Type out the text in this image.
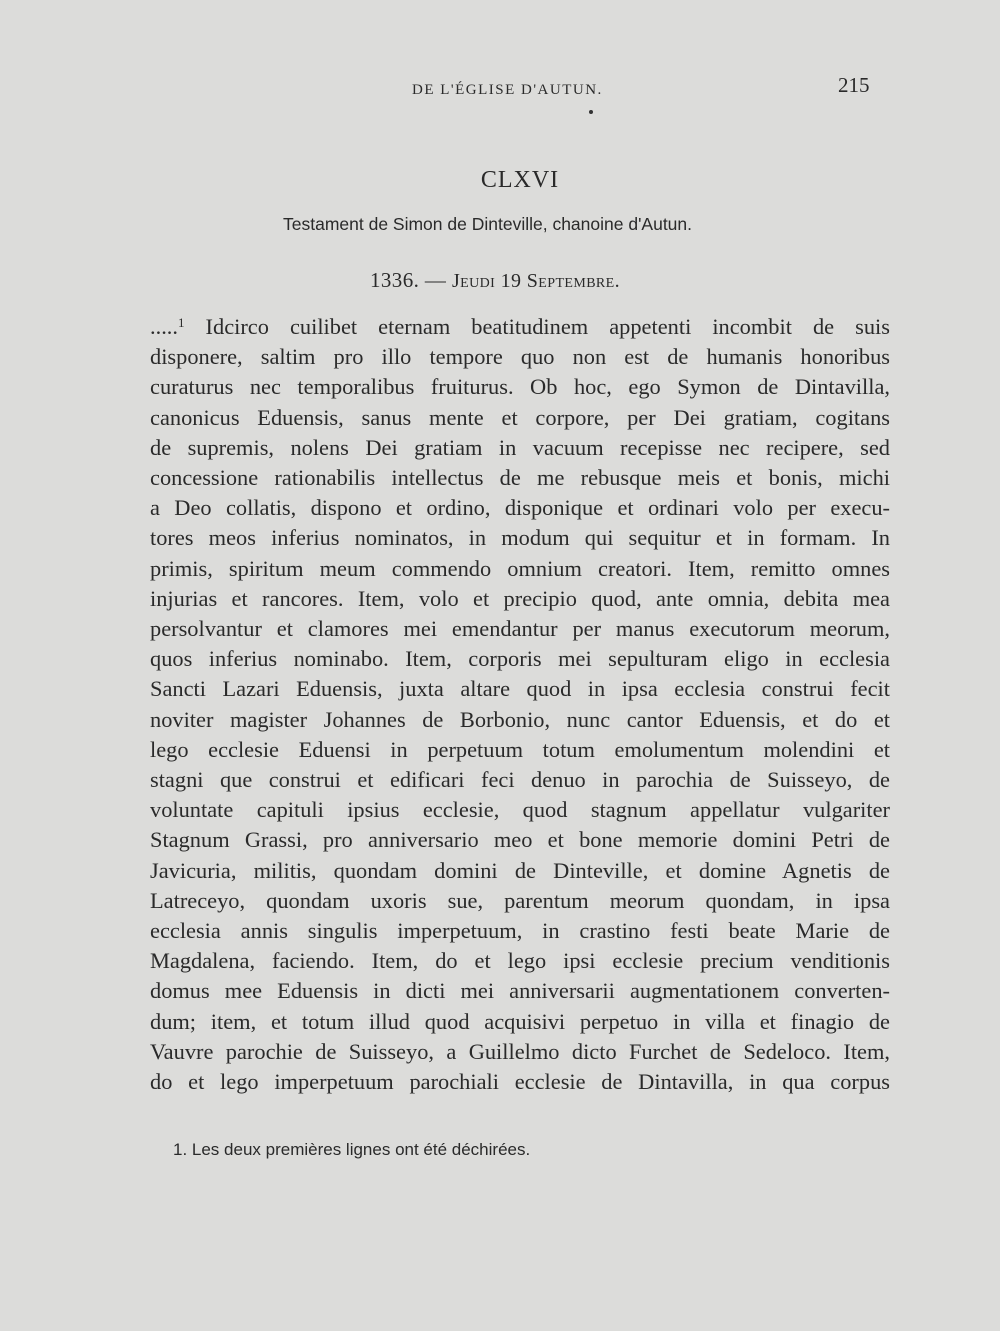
DE L'ÉGLISE D'AUTUN.	215
CLXVI
Testament de Simon de Dinteville, chanoine d'Autun.
1336. — Jeudi 19 Septembre.
.....$^1$ Idcirco cuilibet eternam beatitudinem appetenti incombit de suis
disponere, saltim pro illo tempore quo non est de humanis honoribus
curaturus nec temporalibus fruiturus. Ob hoc, ego Symon de Dintavilla,
canonicus Eduensis, sanus mente et corpore, per Dei gratiam, cogitans
de supremis, nolens Dei gratiam in vacuum recepisse nec recipere, sed
concessione rationabilis intellectus de me rebusque meis et bonis, michi
a Deo collatis, dispono et ordino, disponique et ordinari volo per execu-
tores meos inferius nominatos, in modum qui sequitur et in formam. In
primis, spiritum meum commendo omnium creatori. Item, remitto omnes
injurias et rancores. Item, volo et precipio quod, ante omnia, debita mea
persolvantur et clamores mei emendantur per manus executorum meorum,
quos inferius nominabo. Item, corporis mei sepulturam eligo in ecclesia
Sancti Lazari Eduensis, juxta altare quod in ipsa ecclesia construi fecit
noviter magister Johannes de Borbonio, nunc cantor Eduensis, et do et
lego ecclesie Eduensi in perpetuum totum emolumentum molendini et
stagni que construi et edificari feci denuo in parochia de Suisseyo, de
voluntate capituli ipsius ecclesie, quod stagnum appellatur vulgariter
Stagnum Grassi, pro anniversario meo et bone memorie domini Petri de
Javicuria, militis, quondam domini de Dinteville, et domine Agnetis de
Latreceyo, quondam uxoris sue, parentum meorum quondam, in ipsa
ecclesia annis singulis imperpetuum, in crastino festi beate Marie de
Magdalena, faciendo. Item, do et lego ipsi ecclesie precium venditionis
domus mee Eduensis in dicti mei anniversarii augmentationem converten-
dum; item, et totum illud quod acquisivi perpetuo in villa et finagio de
Vauvre parochie de Suisseyo, a Guillelmo dicto Furchet de Sedeloco. Item,
do et lego imperpetuum parochiali ecclesie de Dintavilla, in qua corpus
1. Les deux premières lignes ont été déchirées.
